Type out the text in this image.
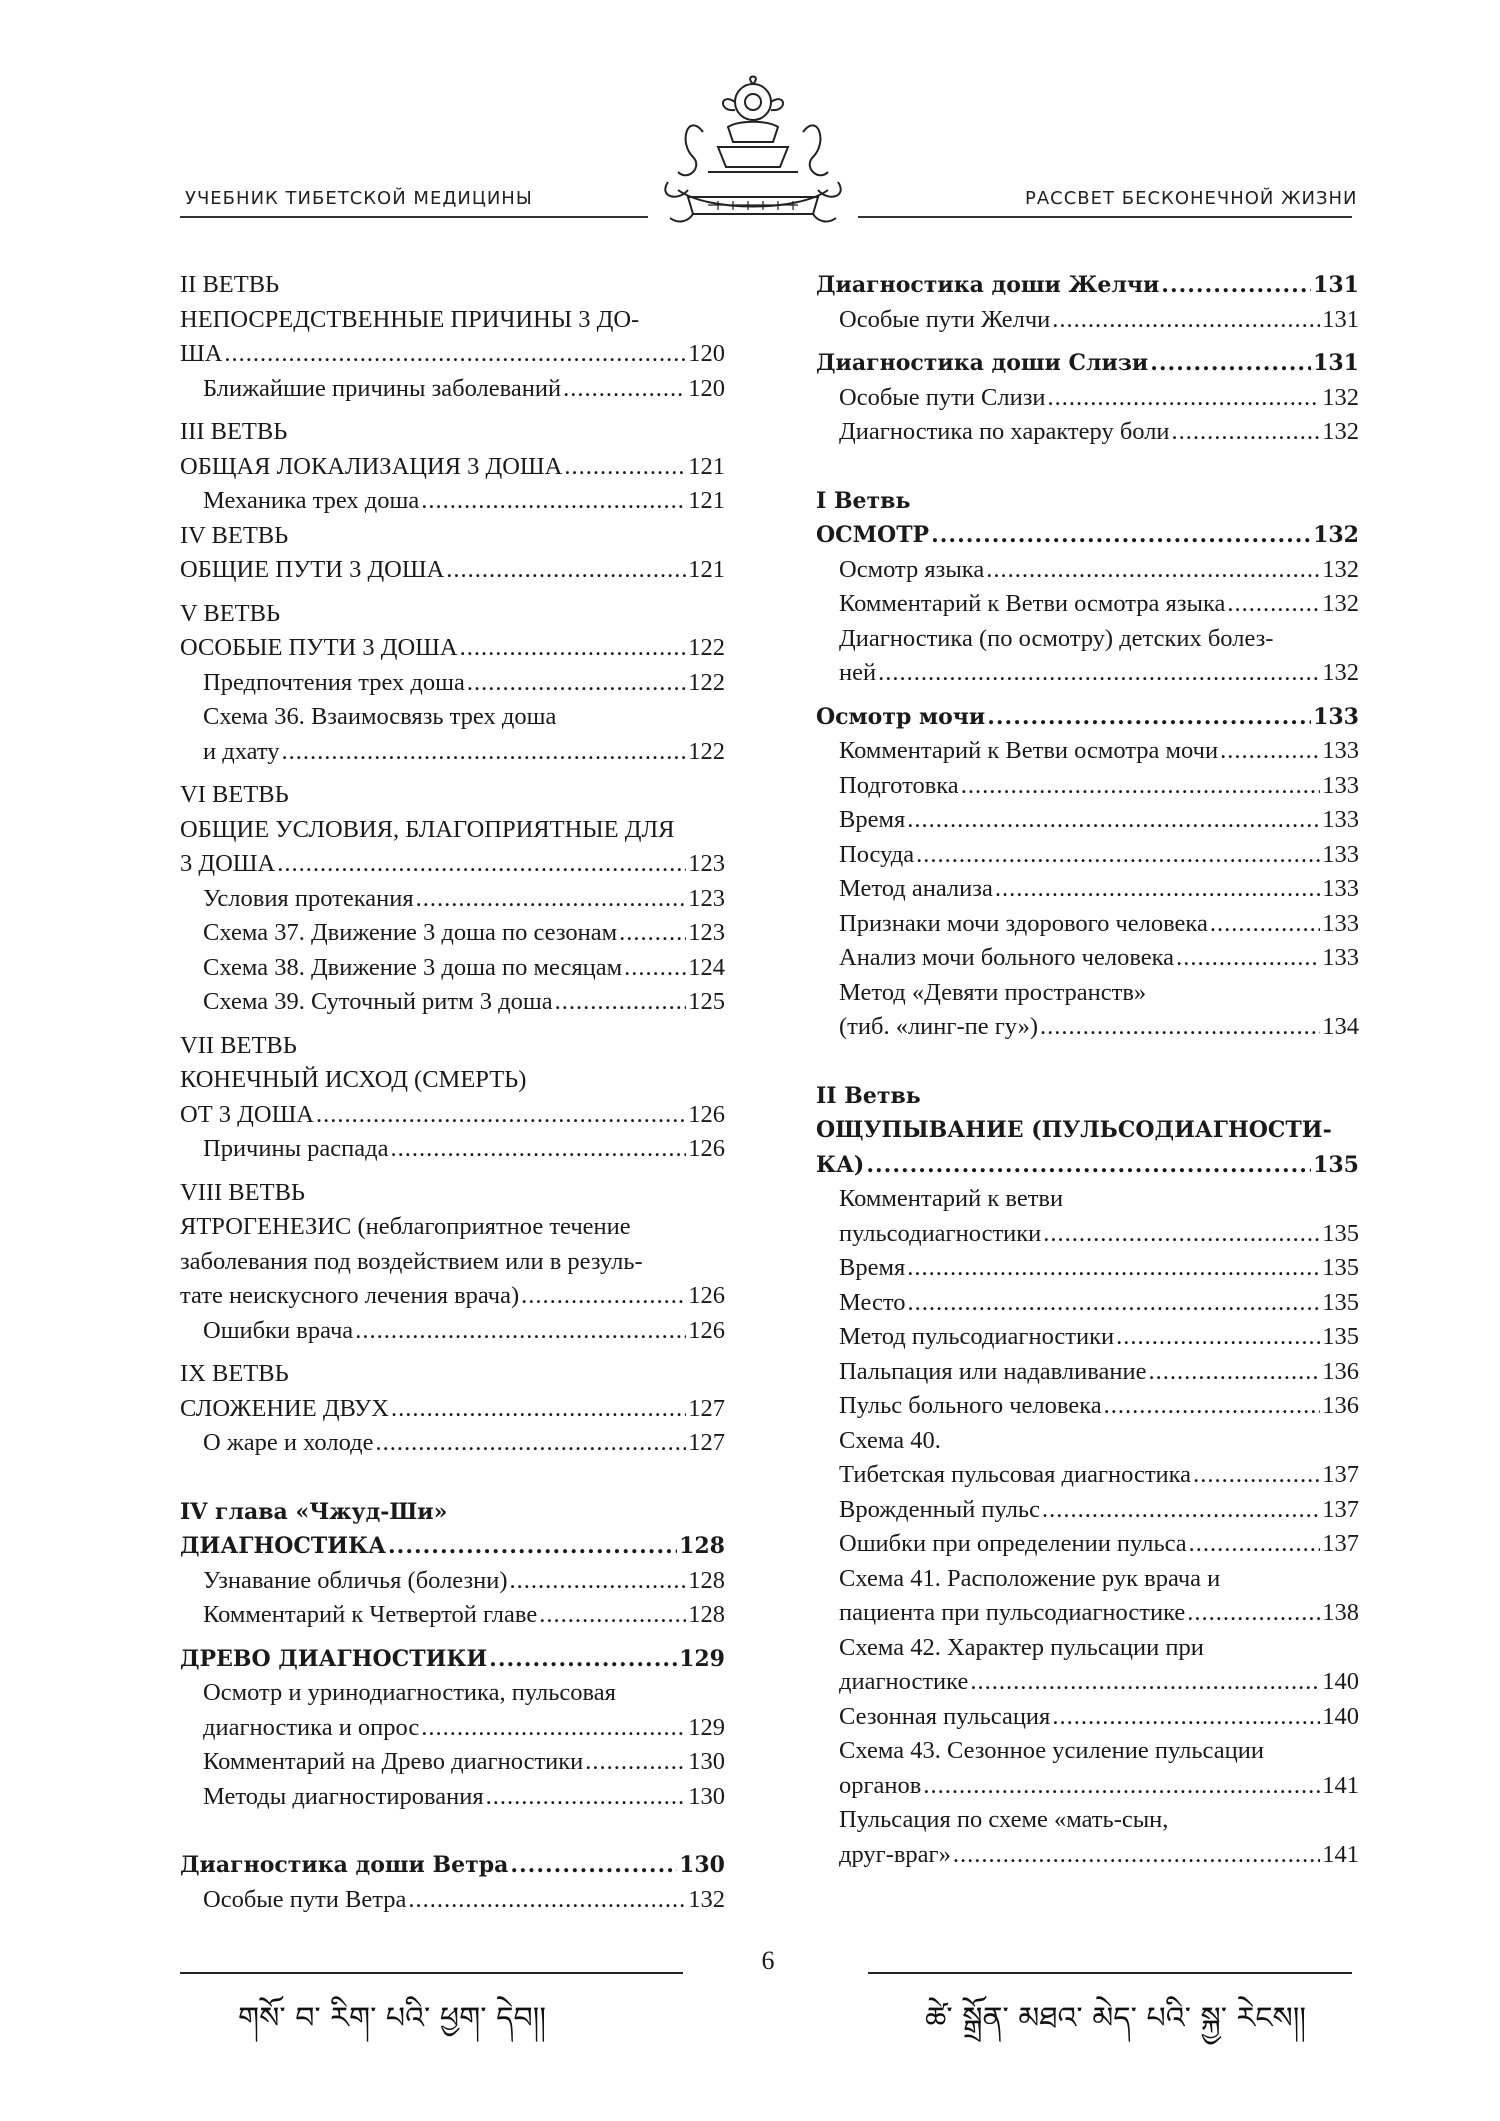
УЧЕБНИК ТИБЕТСКОЙ МЕДИЦИНЫ	РАССВЕТ БЕСКОНЕЧНОЙ ЖИЗНИ
II ВЕТВЬ
НЕПОСРЕДСТВЕННЫЕ ПРИЧИНЫ 3 ДО-
ША .....	120
Ближайшие причины заболеваний .....	120
III ВЕТВЬ
ОБЩАЯ ЛОКАЛИЗАЦИЯ 3 ДОША .....	121
Механика трех доша .....	121
IV ВЕТВЬ
ОБЩИЕ ПУТИ 3 ДОША .....	121
V ВЕТВЬ
ОСОБЫЕ ПУТИ 3 ДОША .....	122
Предпочтения трех доша .....	122
Схема 36. Взаимосвязь трех доша
и дхату .....	122
VI ВЕТВЬ
ОБЩИЕ УСЛОВИЯ, БЛАГОПРИЯТНЫЕ ДЛЯ
3 ДОША .....	123
Условия протекания .....	123
Схема 37. Движение 3 доша по сезонам .....	123
Схема 38. Движение 3 доша по месяцам .....	124
Схема 39. Суточный ритм 3 доша .....	125
VII ВЕТВЬ
КОНЕЧНЫЙ ИСХОД (СМЕРТЬ)
ОТ 3 ДОША .....	126
Причины распада .....	126
VIII ВЕТВЬ
ЯТРОГЕНЕЗИС (неблагоприятное течение
заболевания под воздействием или в резуль-
тате неискусного лечения врача) .....	126
Ошибки врача .....	126
IX ВЕТВЬ
СЛОЖЕНИЕ ДВУХ .....	127
О жаре и холоде .....	127
IV глава «Чжуд-Ши»
ДИАГНОСТИКА .....	128
Узнавание обличья (болезни) .....	128
Комментарий к Четвертой главе .....	128
ДРЕВО ДИАГНОСТИКИ .....	129
Осмотр и уринодиагностика, пульсовая
диагностика и опрос .....	129
Комментарий на Древо диагностики .....	130
Методы диагностирования .....	130
Диагностика доши Ветра .....	130
Особые пути Ветра .....	132
Диагностика доши Желчи .....	131
Особые пути Желчи .....	131
Диагностика доши Слизи .....	131
Особые пути Слизи .....	132
Диагностика по характеру боли .....	132
I Ветвь
ОСМОТР .....	132
Осмотр языка .....	132
Комментарий к Ветви осмотра языка .....	132
Диагностика (по осмотру) детских болез-
ней .....	132
Осмотр мочи .....	133
Комментарий к Ветви осмотра мочи .....	133
Подготовка .....	133
Время .....	133
Посуда .....	133
Метод анализа .....	133
Признаки мочи здорового человека .....	133
Анализ мочи больного человека .....	133
Метод «Девяти пространств»
(тиб. «линг-пе гу») .....	134
II Ветвь
ОЩУПЫВАНИЕ (ПУЛЬСОДИАГНОСТИ-
КА) .....	135
Комментарий к ветви
пульсодиагностики .....	135
Время .....	135
Место .....	135
Метод пульсодиагностики .....	135
Пальпация или надавливание .....	136
Пульс больного человека .....	136
Схема 40.
Тибетская пульсовая диагностика .....	137
Врожденный пульс .....	137
Ошибки при определении пульса .....	137
Схема 41. Расположение рук врача и
пациента при пульсодиагностике .....	138
Схема 42. Характер пульсации при
диагностике .....	140
Сезонная пульсация .....	140
Схема 43. Сезонное усиление пульсации
органов .....	141
Пульсация по схеме «мать-сын,
друг-враг» .....	141
6
གསོ་ བ་ རིག་ པའི་ ཕྱག་ དེབ།།	ཚེ་ སྒྲོན་ མཐའ་ མེད་ པའི་ སྐྱ་ རེངས།།
